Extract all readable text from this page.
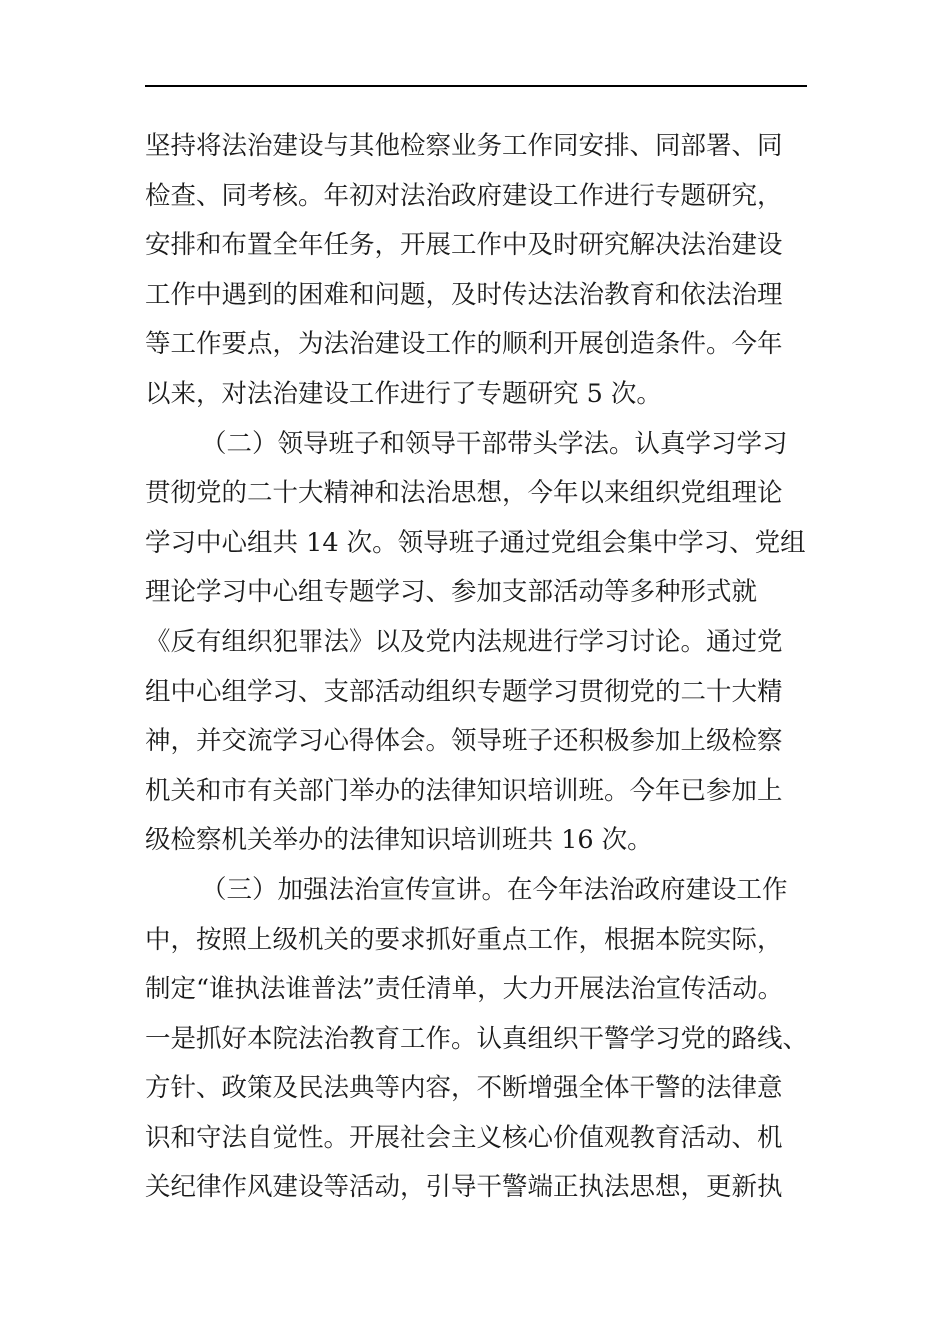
坚持将法治建设与其他检察业务工作同安排、同部署、同
检查、同考核。年初对法治政府建设工作进行专题研究，
安排和布置全年任务，开展工作中及时研究解决法治建设
工作中遇到的困难和问题，及时传达法治教育和依法治理
等工作要点，为法治建设工作的顺利开展创造条件。今年
以来，对法治建设工作进行了专题研究 5 次。
（二）领导班子和领导干部带头学法。认真学习学习
贯彻党的二十大精神和法治思想，今年以来组织党组理论
学习中心组共 14 次。领导班子通过党组会集中学习、党组
理论学习中心组专题学习、参加支部活动等多种形式就
《反有组织犯罪法》以及党内法规进行学习讨论。通过党
组中心组学习、支部活动组织专题学习贯彻党的二十大精
神，并交流学习心得体会。领导班子还积极参加上级检察
机关和市有关部门举办的法律知识培训班。今年已参加上
级检察机关举办的法律知识培训班共 16 次。
（三）加强法治宣传宣讲。在今年法治政府建设工作
中，按照上级机关的要求抓好重点工作，根据本院实际，
制定“谁执法谁普法”责任清单，大力开展法治宣传活动。
一是抓好本院法治教育工作。认真组织干警学习党的路线、
方针、政策及民法典等内容，不断增强全体干警的法律意
识和守法自觉性。开展社会主义核心价值观教育活动、机
关纪律作风建设等活动，引导干警端正执法思想，更新执
